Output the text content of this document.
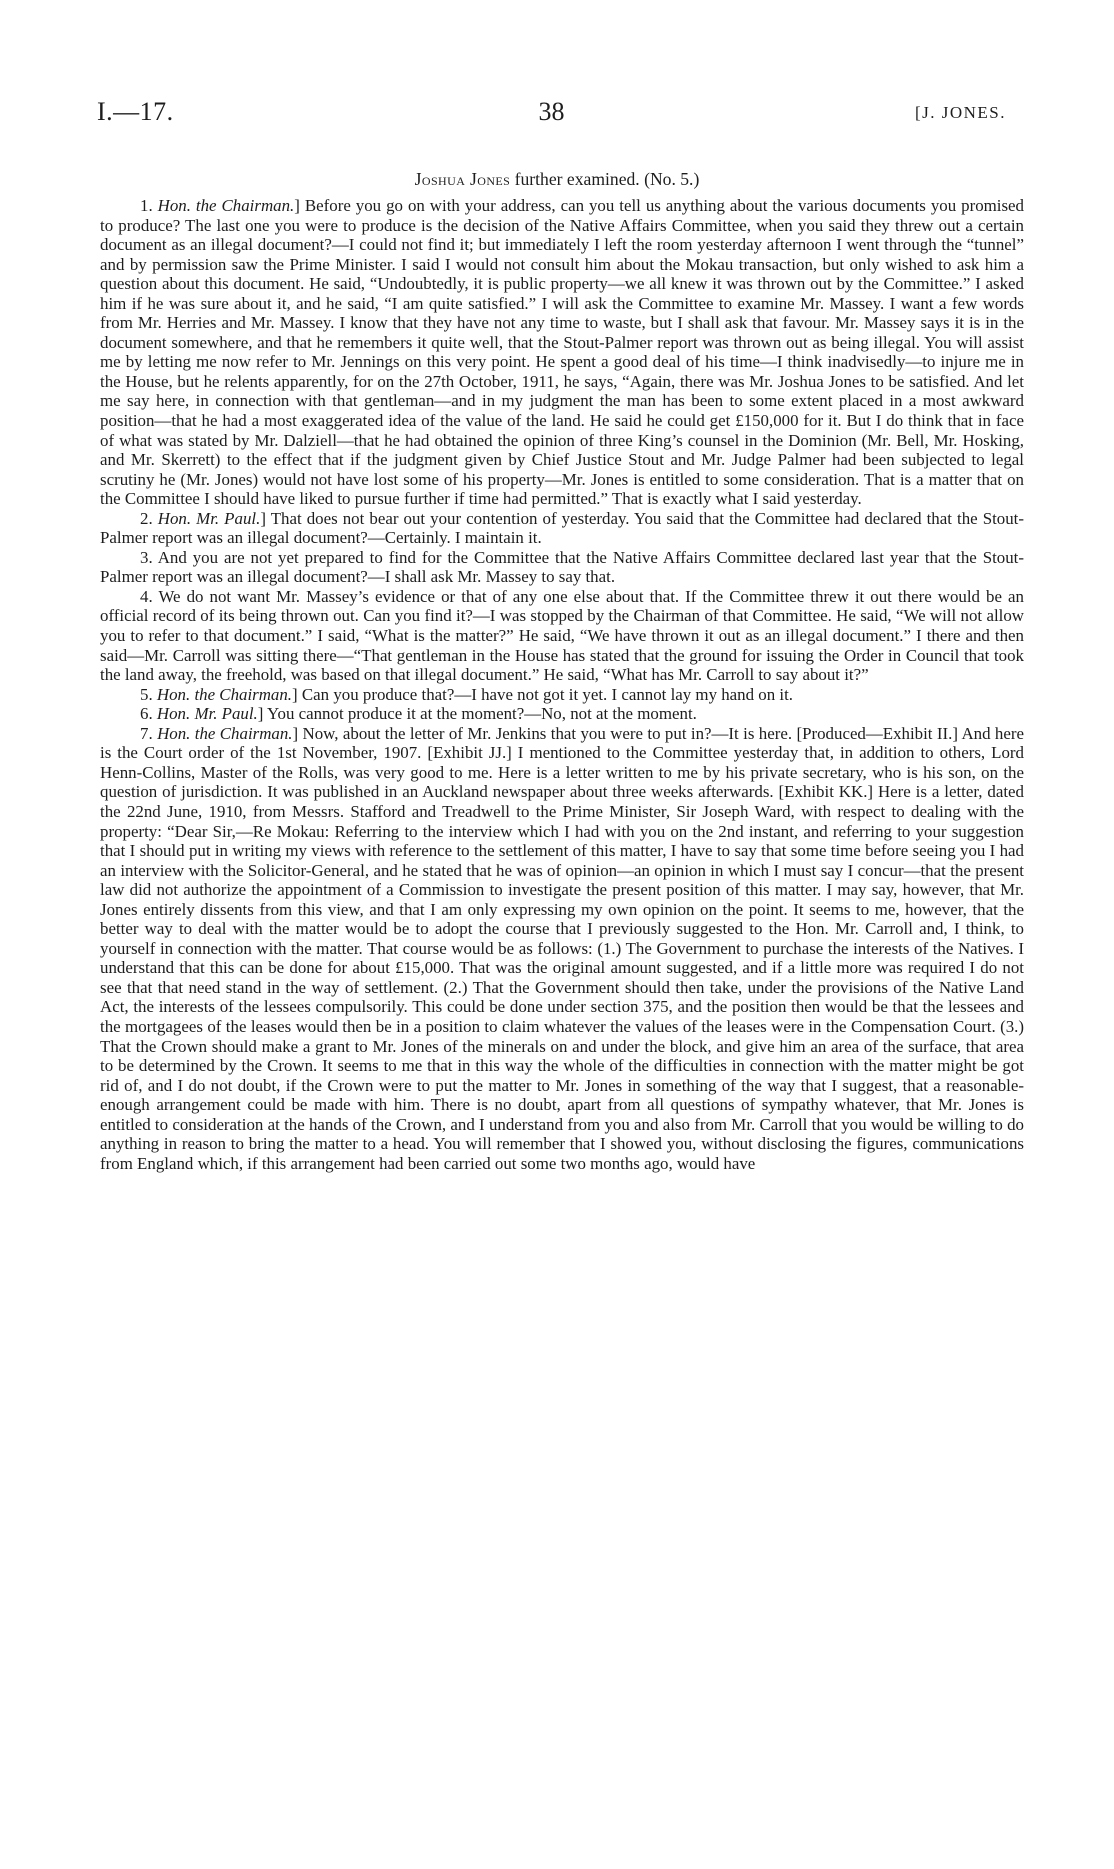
I.—17.	38	[J. JONES.
Joshua Jones further examined. (No. 5.)

1. Hon. the Chairman.] Before you go on with your address, can you tell us anything about the various documents you promised to produce? The last one you were to produce is the decision of the Native Affairs Committee, when you said they threw out a certain document as an illegal document?—I could not find it; but immediately I left the room yesterday afternoon I went through the “tunnel” and by permission saw the Prime Minister. I said I would not consult him about the Mokau transaction, but only wished to ask him a question about this document. He said, “Undoubtedly, it is public property—we all knew it was thrown out by the Committee.” I asked him if he was sure about it, and he said, “I am quite satisfied.” I will ask the Committee to examine Mr. Massey. I want a few words from Mr. Herries and Mr. Massey. I know that they have not any time to waste, but I shall ask that favour. Mr. Massey says it is in the document somewhere, and that he remembers it quite well, that the Stout-Palmer report was thrown out as being illegal. You will assist me by letting me now refer to Mr. Jennings on this very point. He spent a good deal of his time—I think inadvisedly—to injure me in the House, but he relents apparently, for on the 27th October, 1911, he says, “Again, there was Mr. Joshua Jones to be satisfied. And let me say here, in connection with that gentleman—and in my judgment the man has been to some extent placed in a most awkward position—that he had a most exaggerated idea of the value of the land. He said he could get £150,000 for it. But I do think that in face of what was stated by Mr. Dalziell—that he had obtained the opinion of three King’s counsel in the Dominion (Mr. Bell, Mr. Hosking, and Mr. Skerrett) to the effect that if the judgment given by Chief Justice Stout and Mr. Judge Palmer had been subjected to legal scrutiny he (Mr. Jones) would not have lost some of his property—Mr. Jones is entitled to some consideration. That is a matter that on the Committee I should have liked to pursue further if time had permitted.” That is exactly what I said yesterday.

2. Hon. Mr. Paul.] That does not bear out your contention of yesterday. You said that the Committee had declared that the Stout-Palmer report was an illegal document?—Certainly. I maintain it.

3. And you are not yet prepared to find for the Committee that the Native Affairs Committee declared last year that the Stout-Palmer report was an illegal document?—I shall ask Mr. Massey to say that.

4. We do not want Mr. Massey’s evidence or that of any one else about that. If the Committee threw it out there would be an official record of its being thrown out. Can you find it?—I was stopped by the Chairman of that Committee. He said, “We will not allow you to refer to that document.” I said, “What is the matter?” He said, “We have thrown it out as an illegal document.” I there and then said—Mr. Carroll was sitting there—“That gentleman in the House has stated that the ground for issuing the Order in Council that took the land away, the freehold, was based on that illegal document.” He said, “What has Mr. Carroll to say about it?”

5. Hon. the Chairman.] Can you produce that?—I have not got it yet. I cannot lay my hand on it.

6. Hon. Mr. Paul.] You cannot produce it at the moment?—No, not at the moment.

7. Hon. the Chairman.] Now, about the letter of Mr. Jenkins that you were to put in?—It is here. [Produced—Exhibit II.] And here is the Court order of the 1st November, 1907. [Exhibit JJ.] I mentioned to the Committee yesterday that, in addition to others, Lord Henn-Collins, Master of the Rolls, was very good to me. Here is a letter written to me by his private secretary, who is his son, on the question of jurisdiction. It was published in an Auckland newspaper about three weeks afterwards. [Exhibit KK.] Here is a letter, dated the 22nd June, 1910, from Messrs. Stafford and Treadwell to the Prime Minister, Sir Joseph Ward, with respect to dealing with the property: “Dear Sir,—Re Mokau: Referring to the interview which I had with you on the 2nd instant, and referring to your suggestion that I should put in writing my views with reference to the settlement of this matter, I have to say that some time before seeing you I had an interview with the Solicitor-General, and he stated that he was of opinion—an opinion in which I must say I concur—that the present law did not authorize the appointment of a Commission to investigate the present position of this matter. I may say, however, that Mr. Jones entirely dissents from this view, and that I am only expressing my own opinion on the point. It seems to me, however, that the better way to deal with the matter would be to adopt the course that I previously suggested to the Hon. Mr. Carroll and, I think, to yourself in connection with the matter. That course would be as follows: (1.) The Government to purchase the interests of the Natives. I understand that this can be done for about £15,000. That was the original amount suggested, and if a little more was required I do not see that that need stand in the way of settlement. (2.) That the Government should then take, under the provisions of the Native Land Act, the interests of the lessees compulsorily. This could be done under section 375, and the position then would be that the lessees and the mortgagees of the leases would then be in a position to claim whatever the values of the leases were in the Compensation Court. (3.) That the Crown should make a grant to Mr. Jones of the minerals on and under the block, and give him an area of the surface, that area to be determined by the Crown. It seems to me that in this way the whole of the difficulties in connection with the matter might be got rid of, and I do not doubt, if the Crown were to put the matter to Mr. Jones in something of the way that I suggest, that a reasonable-enough arrangement could be made with him. There is no doubt, apart from all questions of sympathy whatever, that Mr. Jones is entitled to consideration at the hands of the Crown, and I understand from you and also from Mr. Carroll that you would be willing to do anything in reason to bring the matter to a head. You will remember that I showed you, without disclosing the figures, communications from England which, if this arrangement had been carried out some two months ago, would have
